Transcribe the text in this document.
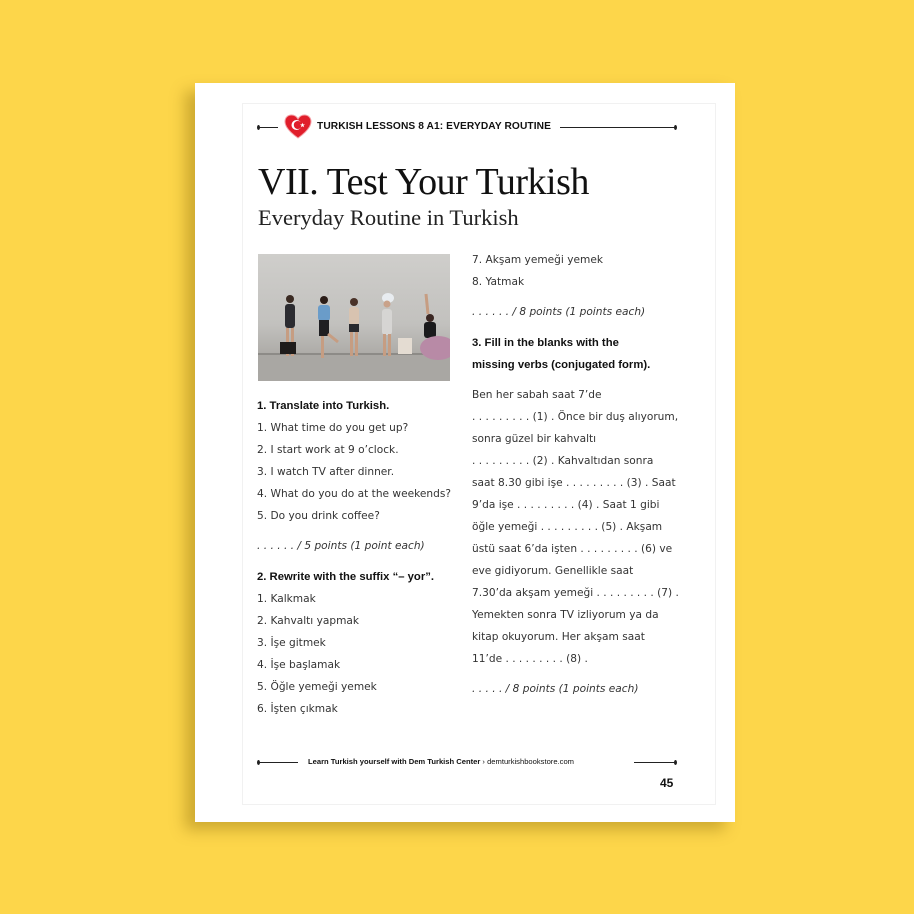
TURKISH LESSONS 8 A1: EVERYDAY ROUTINE
VII. Test Your Turkish
Everyday Routine in Turkish
1. Translate into Turkish.
1. What time do you get up?
2. I start work at 9 o’clock.
3. I watch TV after dinner.
4. What do you do at the weekends?
5. Do you drink coffee?
. . . . . . / 5 points (1 point each)
2. Rewrite with the suffix “– yor”.
1. Kalkmak
2. Kahvaltı yapmak
3. İşe gitmek
4. İşe başlamak
5. Öğle yemeği yemek
6. İşten çıkmak
7. Akşam yemeği yemek
8. Yatmak
. . . . . . / 8 points (1 points each)
3. Fill in the blanks with the
missing verbs (conjugated form).
Ben her sabah saat 7’de
. . . . . . . . . (1) . Önce bir duş alıyorum,
sonra güzel bir kahvaltı
. . . . . . . . . (2) . Kahvaltıdan sonra
saat 8.30 gibi işe . . . . . . . . . (3) . Saat
9’da işe . . . . . . . . . (4) . Saat 1 gibi
öğle yemeği . . . . . . . . . (5) . Akşam
üstü saat 6’da işten . . . . . . . . . (6) ve
eve gidiyorum. Genellikle saat
7.30’da akşam yemeği . . . . . . . . . (7) .
Yemekten sonra TV izliyorum ya da
kitap okuyorum. Her akşam saat
11’de . . . . . . . . . (8) .
. . . . . / 8 points (1 points each)
Learn Turkish yourself with Dem Turkish Center › demturkishbookstore.com
45
